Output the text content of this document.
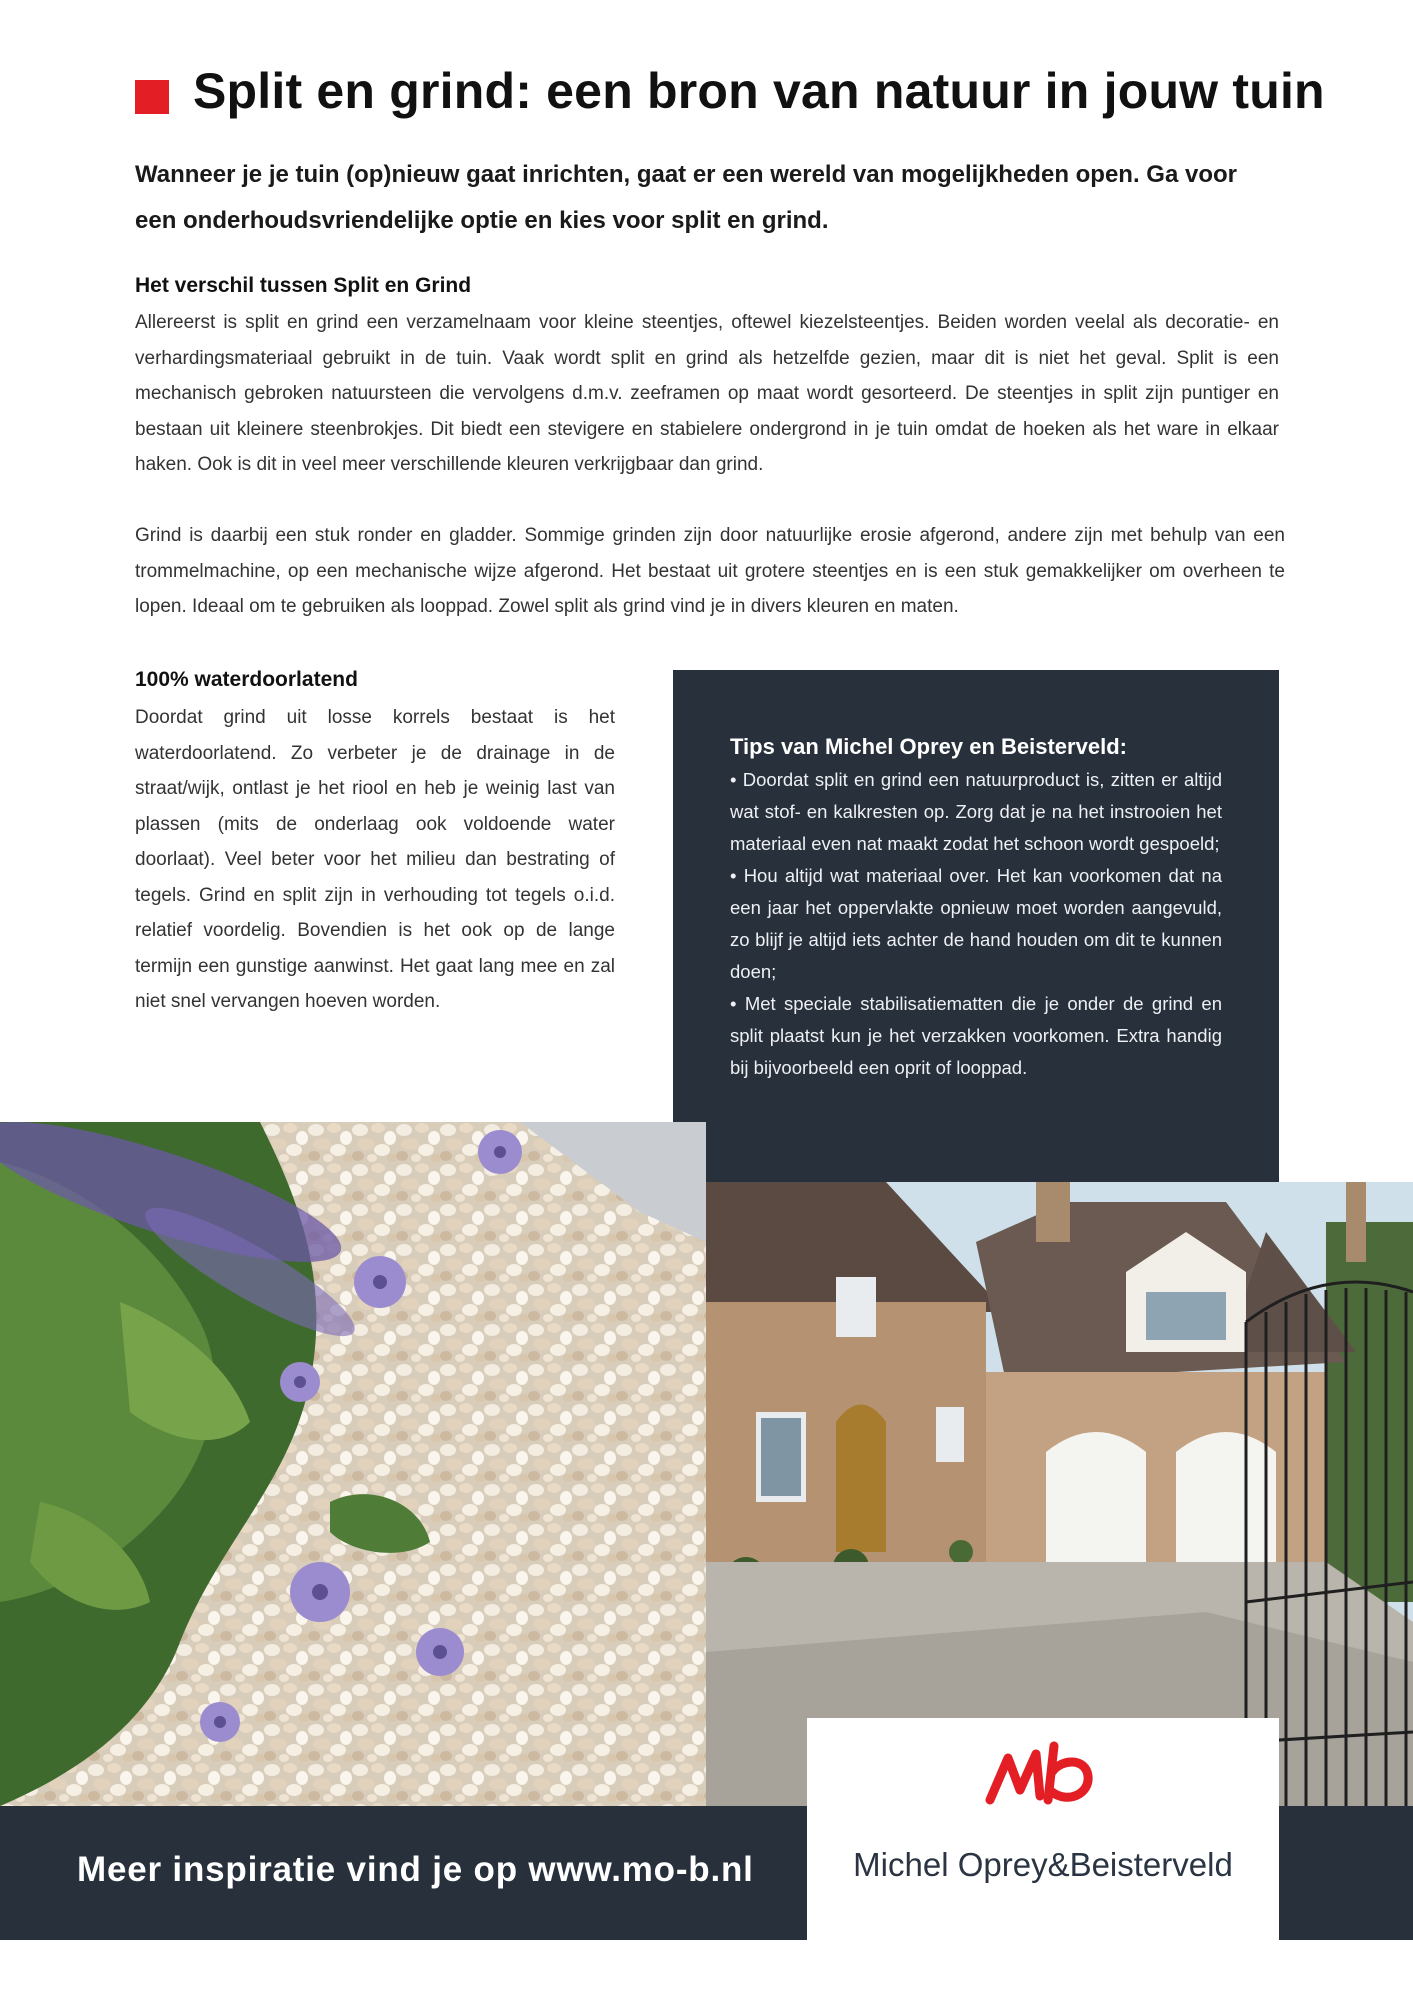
Split en grind: een bron van natuur in jouw tuin

Wanneer je je tuin (op)nieuw gaat inrichten, gaat er een wereld van mogelijkheden open. Ga voor een onderhoudsvriendelijke optie en kies voor split en grind.

Het verschil tussen Split en Grind

Allereerst is split en grind een verzamelnaam voor kleine steentjes, oftewel kiezelsteentjes. Beiden worden veelal als decoratie- en verhardingsmateriaal gebruikt in de tuin. Vaak wordt split en grind als hetzelfde gezien, maar dit is niet het geval. Split is een mechanisch gebroken natuursteen die vervolgens d.m.v. zeeframen op maat wordt gesorteerd. De steentjes in split zijn puntiger en bestaan uit kleinere steenbrokjes. Dit biedt een stevigere en stabielere ondergrond in je tuin omdat de hoeken als het ware in elkaar haken. Ook is dit in veel meer verschillende kleuren verkrijgbaar dan grind.

Grind is daarbij een stuk ronder en gladder. Sommige grinden zijn door natuurlijke erosie afgerond, andere zijn met behulp van een trommelmachine, op een mechanische wijze afgerond. Het bestaat uit grotere steentjes en is een stuk gemakkelijker om overheen te lopen. Ideaal om te gebruiken als looppad. Zowel split als grind vind je in divers kleuren en maten.

100% waterdoorlatend

Doordat grind uit losse korrels bestaat is het waterdoorlatend. Zo verbeter je de drainage in de straat/wijk, ontlast je het riool en heb je weinig last van plassen (mits de onderlaag ook voldoende water doorlaat). Veel beter voor het milieu dan bestrating of tegels. Grind en split zijn in verhouding tot tegels o.i.d. relatief voordelig. Bovendien is het ook op de lange termijn een gunstige aanwinst. Het gaat lang mee en zal niet snel vervangen hoeven worden.

Tips van Michel Oprey en Beisterveld:
• Doordat split en grind een natuurproduct is, zitten er altijd wat stof- en kalkresten op. Zorg dat je na het instrooien het materiaal even nat maakt zodat het schoon wordt gespoeld;
• Hou altijd wat materiaal over. Het kan voorkomen dat na een jaar het oppervlakte opnieuw moet worden aangevuld, zo blijf je altijd iets achter de hand houden om dit te kunnen doen;
• Met speciale stabilisatiematten die je onder de grind en split plaatst kun je het verzakken voorkomen. Extra handig bij bijvoorbeeld een oprit of looppad.

Meer inspiratie vind je op www.mo-b.nl	Michel Oprey&Beisterveld
